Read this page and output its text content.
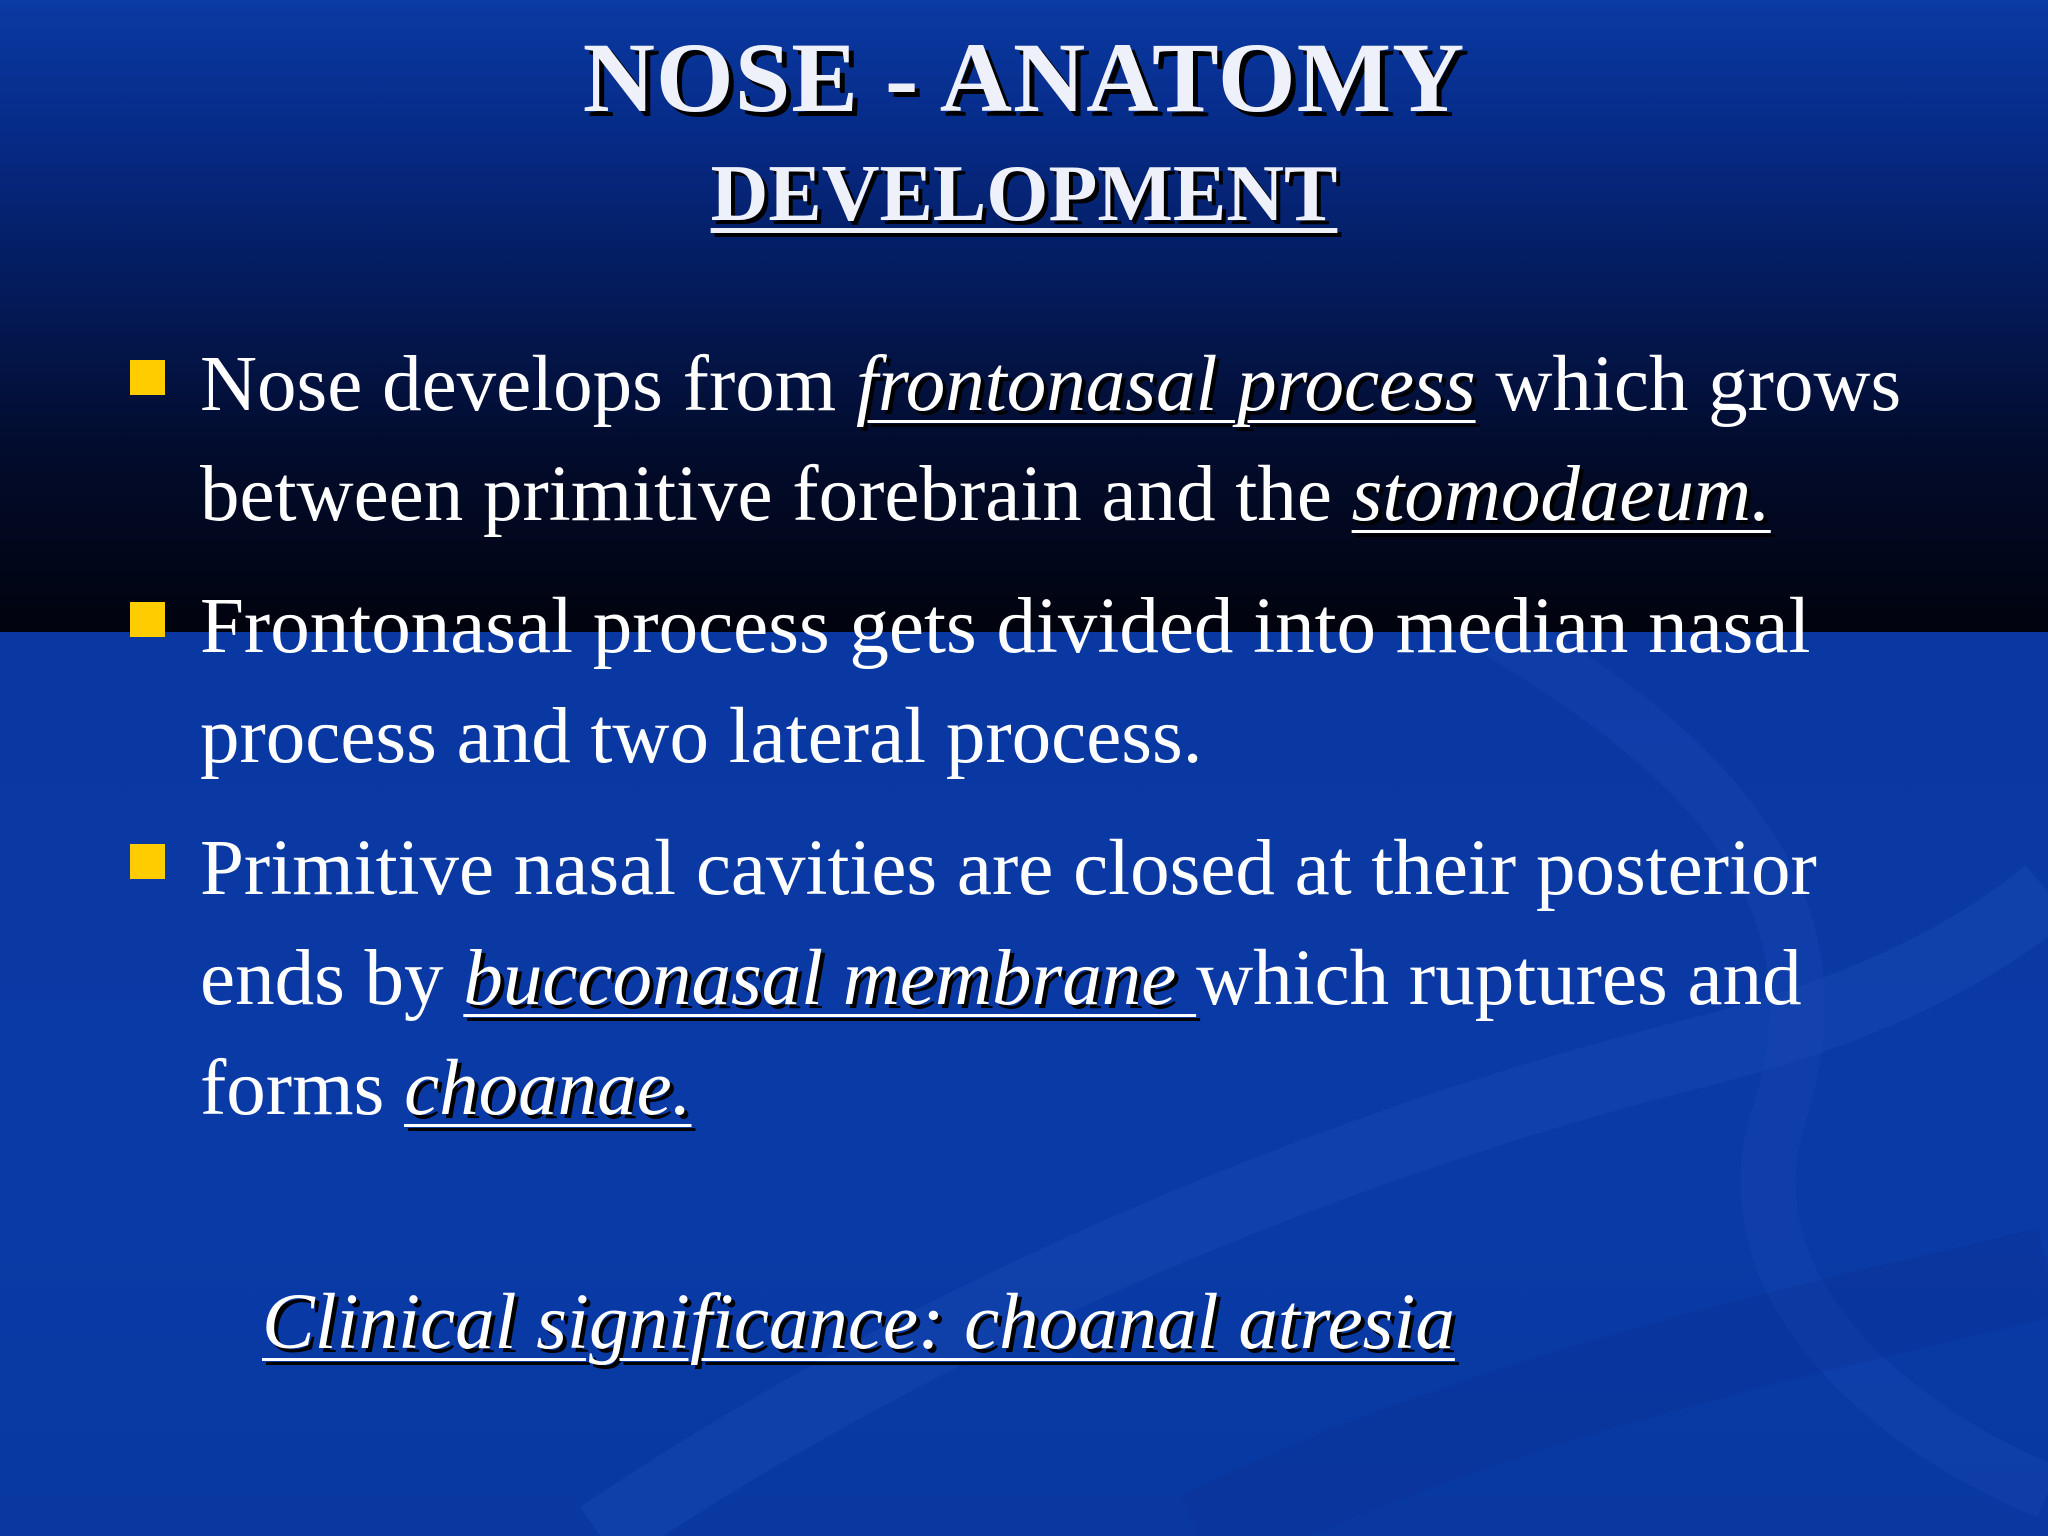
NOSE - ANATOMY
DEVELOPMENT
Nose develops from frontonasal process which grows between primitive forebrain and the stomodaeum.
Frontonasal process gets divided into median nasal process and two lateral process.
Primitive nasal cavities are closed at their posterior ends by bucconasal membrane which ruptures and forms choanae.
Clinical significance: choanal atresia
